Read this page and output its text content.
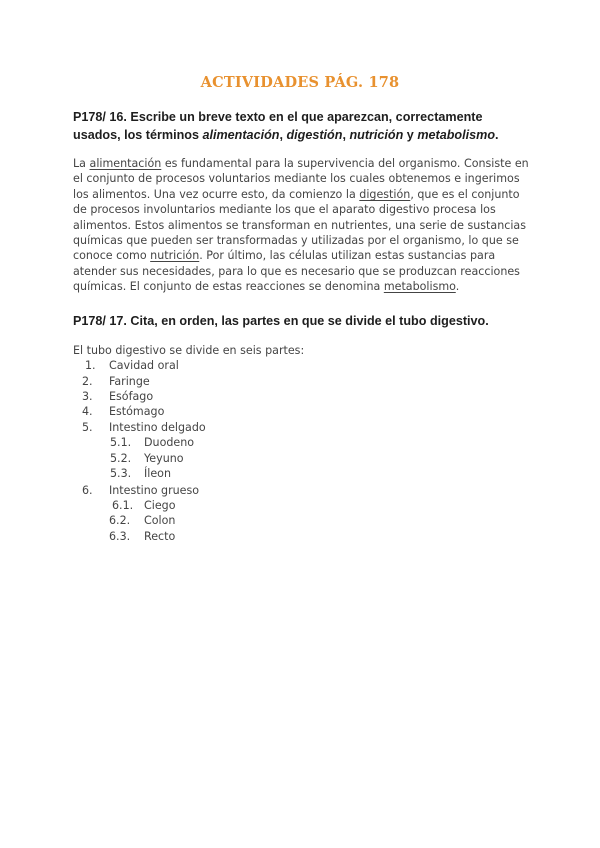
ACTIVIDADES PÁG. 178
P178/ 16. Escribe un breve texto en el que aparezcan, correctamente usados, los términos alimentación, digestión, nutrición y metabolismo.
La alimentación es fundamental para la supervivencia del organismo. Consiste en el conjunto de procesos voluntarios mediante los cuales obtenemos e ingerimos los alimentos. Una vez ocurre esto, da comienzo la digestión, que es el conjunto de procesos involuntarios mediante los que el aparato digestivo procesa los alimentos. Estos alimentos se transforman en nutrientes, una serie de sustancias químicas que pueden ser transformadas y utilizadas por el organismo, lo que se conoce como nutrición. Por último, las células utilizan estas sustancias para atender sus necesidades, para lo que es necesario que se produzcan reacciones químicas. El conjunto de estas reacciones se denomina metabolismo.
P178/ 17. Cita, en orden, las partes en que se divide el tubo digestivo.
El tubo digestivo se divide en seis partes:
1. Cavidad oral
2. Faringe
3. Esófago
4. Estómago
5. Intestino delgado
5.1. Duodeno
5.2. Yeyuno
5.3. Íleon
6. Intestino grueso
6.1. Ciego
6.2. Colon
6.3. Recto
